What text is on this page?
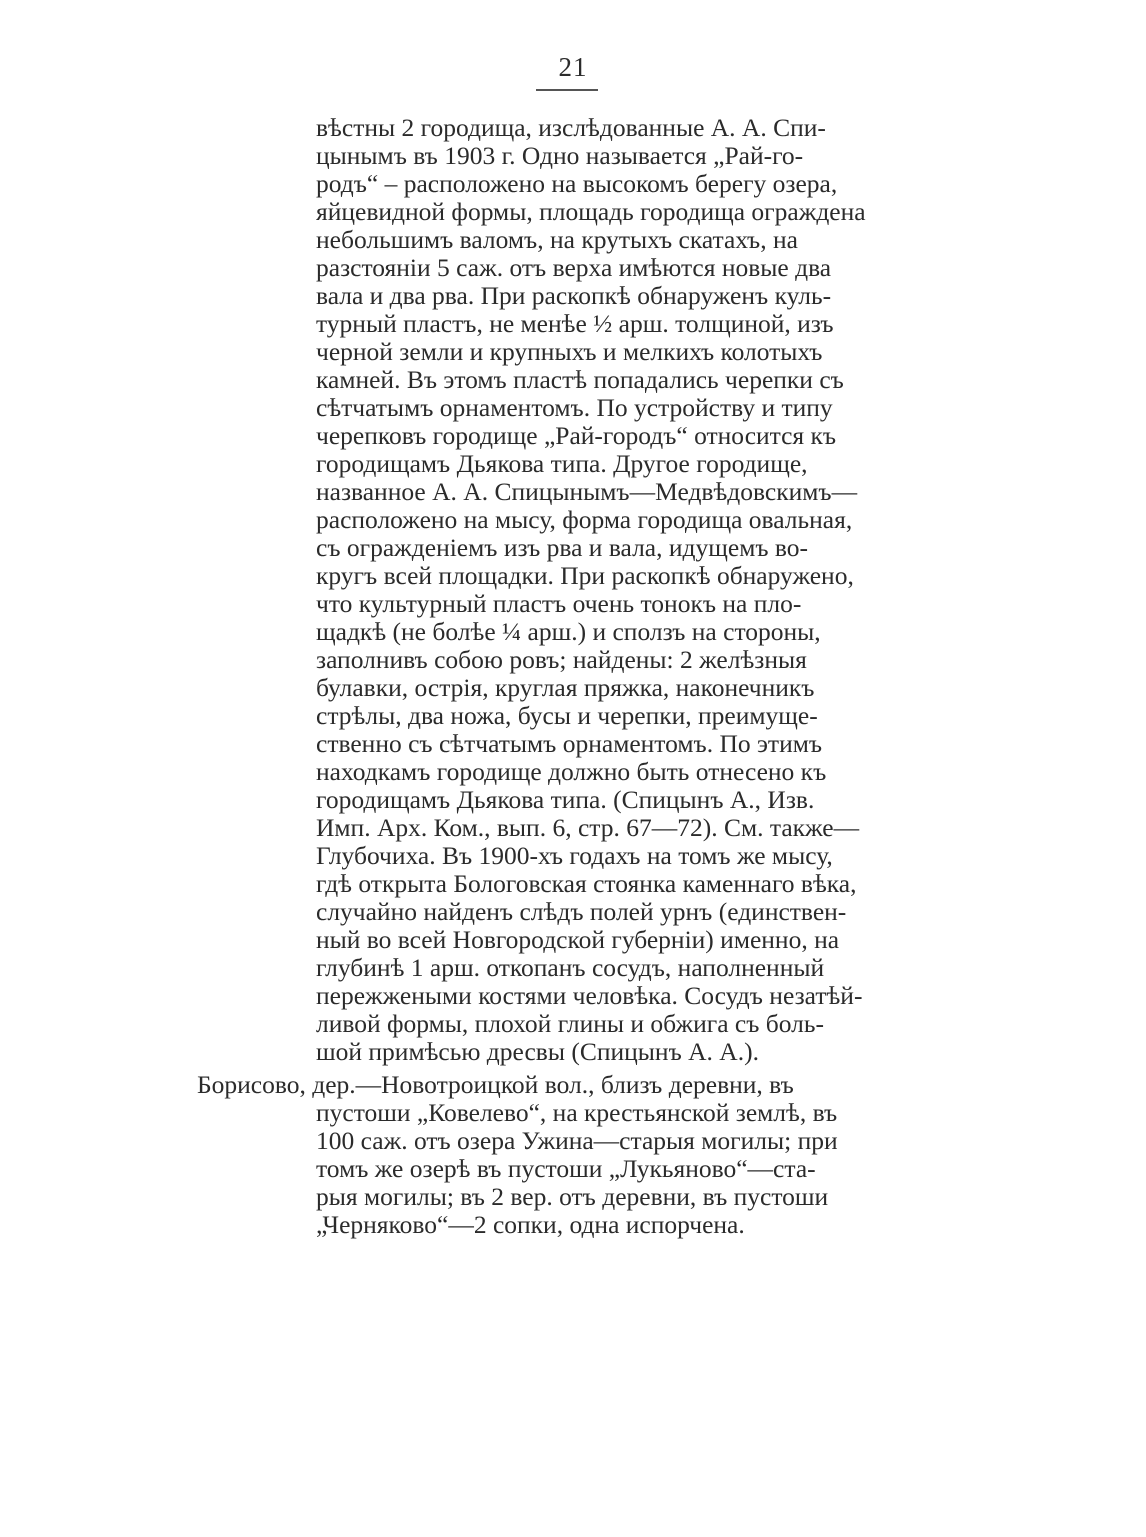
21
вѣстны 2 городища, изслѣдованные А. А. Спи-
цынымъ въ 1903 г. Одно называется „Рай-го-
родъ“ – расположено на высокомъ берегу озера,
яйцевидной формы, площадь городища ограждена
небольшимъ валомъ, на крутыхъ скатахъ, на
разстояніи 5 саж. отъ верха имѣются новые два
вала и два рва. При раскопкѣ обнаруженъ куль-
турный пластъ, не менѣе ½ арш. толщиной, изъ
черной земли и крупныхъ и мелкихъ колотыхъ
камней. Въ этомъ пластѣ попадались черепки съ
сѣтчатымъ орнаментомъ. По устройству и типу
черепковъ городище „Рай-городъ“ относится къ
городищамъ Дьякова типа. Другое городище,
названное А. А. Спицынымъ—Медвѣдовскимъ—
расположено на мысу, форма городища овальная,
съ огражденіемъ изъ рва и вала, идущемъ во-
кругъ всей площадки. При раскопкѣ обнаружено,
что культурный пластъ очень тонокъ на пло-
щадкѣ (не болѣе ¼ арш.) и сползъ на стороны,
заполнивъ собою ровъ; найдены: 2 желѣзныя
булавки, острія, круглая пряжка, наконечникъ
стрѣлы, два ножа, бусы и черепки, преимуще-
ственно съ сѣтчатымъ орнаментомъ. По этимъ
находкамъ городище должно быть отнесено къ
городищамъ Дьякова типа. (Спицынъ А., Изв.
Имп. Арх. Ком., вып. 6, стр. 67—72). См. также—
Глубочиха. Въ 1900-хъ годахъ на томъ же мысу,
гдѣ открыта Бологовская стоянка каменнаго вѣка,
случайно найденъ слѣдъ полей урнъ (единствен-
ный во всей Новгородской губерніи) именно, на
глубинѣ 1 арш. откопанъ сосудъ, наполненный
пережжеными костями человѣка. Сосудъ незатѣй-
ливой формы, плохой глины и обжига съ боль-
шой примѣсью дресвы (Спицынъ А. А.).
Борисово, дер.—Новотроицкой вол., близъ деревни, въ
пустоши „Ковелево“, на крестьянской землѣ, въ
100 саж. отъ озера Ужина—старыя могилы; при
томъ же озерѣ въ пустоши „Лукьяново“—ста-
рыя могилы; въ 2 вер. отъ деревни, въ пустоши
„Черняково“—2 сопки, одна испорчена.
